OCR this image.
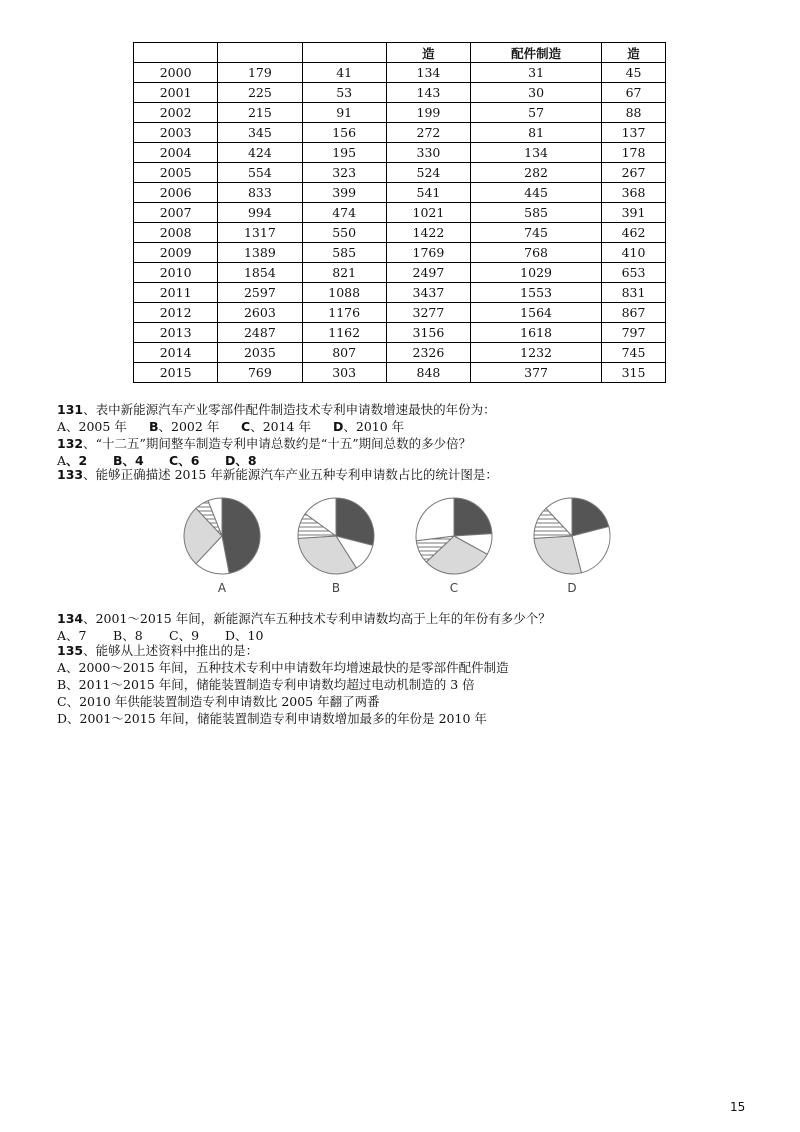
			造	配件制造	造
2000	179	41	134	31	45
2001	225	53	143	30	67
2002	215	91	199	57	88
2003	345	156	272	81	137
2004	424	195	330	134	178
2005	554	323	524	282	267
2006	833	399	541	445	368
2007	994	474	1021	585	391
2008	1317	550	1422	745	462
2009	1389	585	1769	768	410
2010	1854	821	2497	1029	653
2011	2597	1088	3437	1553	831
2012	2603	1176	3277	1564	867
2013	2487	1162	3156	1618	797
2014	2035	807	2326	1232	745
2015	769	303	848	377	315
131、表中新能源汽车产业零部件配件制造技术专利申请数增速最快的年份为：
A、2005 年 B、2002 年 C、2014 年 D、2010 年
132、“十二五”期间整车制造专利申请总数约是“十五”期间总数的多少倍？
A、2 B、4 C、6 D、8
133、能够正确描述 2015 年新能源汽车产业五种专利申请数占比的统计图是：
A	B	C	D
134、2001～2015 年间，新能源汽车五种技术专利申请数均高于上年的年份有多少个？
A、7 B、8 C、9 D、10
135、能够从上述资料中推出的是：
A、2000～2015 年间，五种技术专利中申请数年均增速最快的是零部件配件制造
B、2011～2015 年间，储能装置制造专利申请数均超过电动机制造的 3 倍
C、2010 年供能装置制造专利申请数比 2005 年翻了两番
D、2001～2015 年间，储能装置制造专利申请数增加最多的年份是 2010 年
15
